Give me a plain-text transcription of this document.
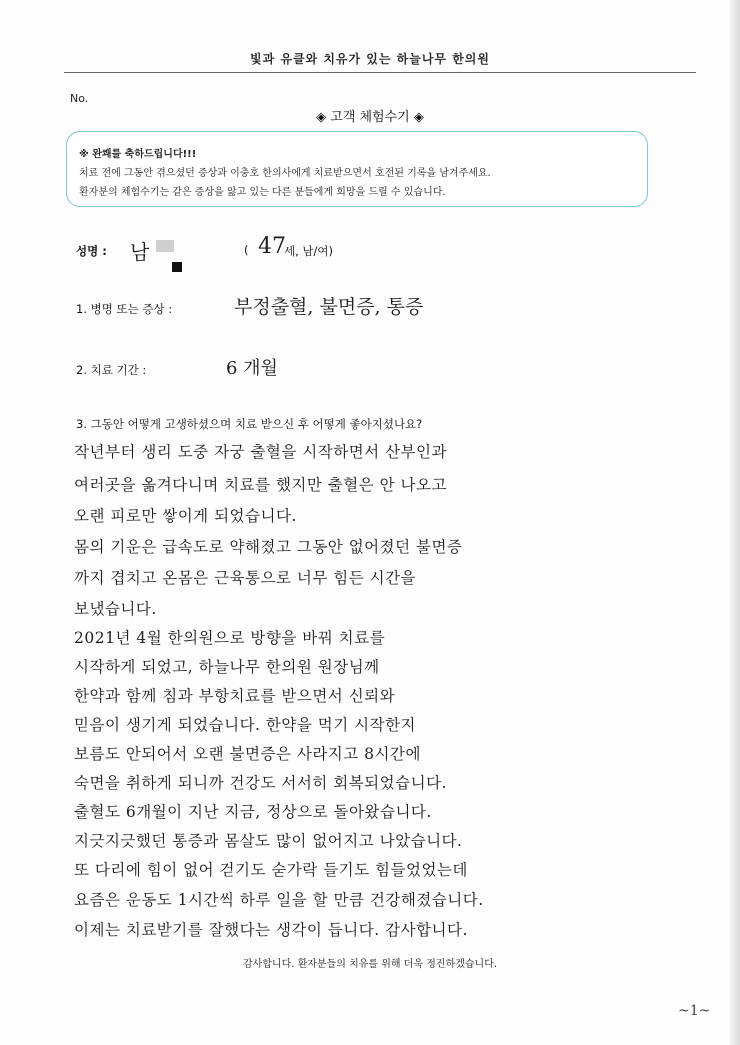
빛과 유클와 치유가 있는 하늘나무 한의원
No.
◈ 고객 체험수기 ◈

※ 완쾌를 축하드립니다!!!

치료 전에 그동안 겪으셨던 증상과 이충호 한의사에게 치료받으면서 호전된 기록을 남겨주세요.

환자분의 체험수기는 같은 증상을 앓고 있는 다른 분들에게 희망을 드릴 수 있습니다.

성명 : 남	( 47
세, 남/여)
1. 병명 또는 증상 :	부정출혈, 불면증, 통증
2. 치료 기간 :	6 개월
3. 그동안 어떻게 고생하셨으며 치료 받으신 후 어떻게 좋아지셨나요?
작년부터 생리 도중 자궁 출혈을 시작하면서 산부인과
여러곳을 옮겨다니며 치료를 했지만 출혈은 안 나오고
오랜 피로만 쌓이게 되었습니다.
몸의 기운은 급속도로 약해졌고 그동안 없어졌던 불면증
까지 겹치고 온몸은 근육통으로 너무 힘든 시간을
보냈습니다.
2021년 4월 한의원으로 방향을 바꿔 치료를
시작하게 되었고, 하늘나무 한의원 원장님께
한약과 함께 침과 부항치료를 받으면서 신뢰와
믿음이 생기게 되었습니다. 한약을 먹기 시작한지
보름도 안되어서 오랜 불면증은 사라지고 8시간에
숙면을 취하게 되니까 건강도 서서히 회복되었습니다.
출혈도 6개월이 지난 지금, 정상으로 돌아왔습니다.
지긋지긋했던 통증과 몸살도 많이 없어지고 나았습니다.
또 다리에 힘이 없어 걷기도 숟가락 들기도 힘들었었는데
요즘은 운동도 1시간씩 하루 일을 할 만큼 건강해졌습니다.
이제는 치료받기를 잘했다는 생각이 듭니다. 감사합니다.
감사합니다. 환자분들의 치유를 위해 더욱 정진하겠습니다.
~1~
